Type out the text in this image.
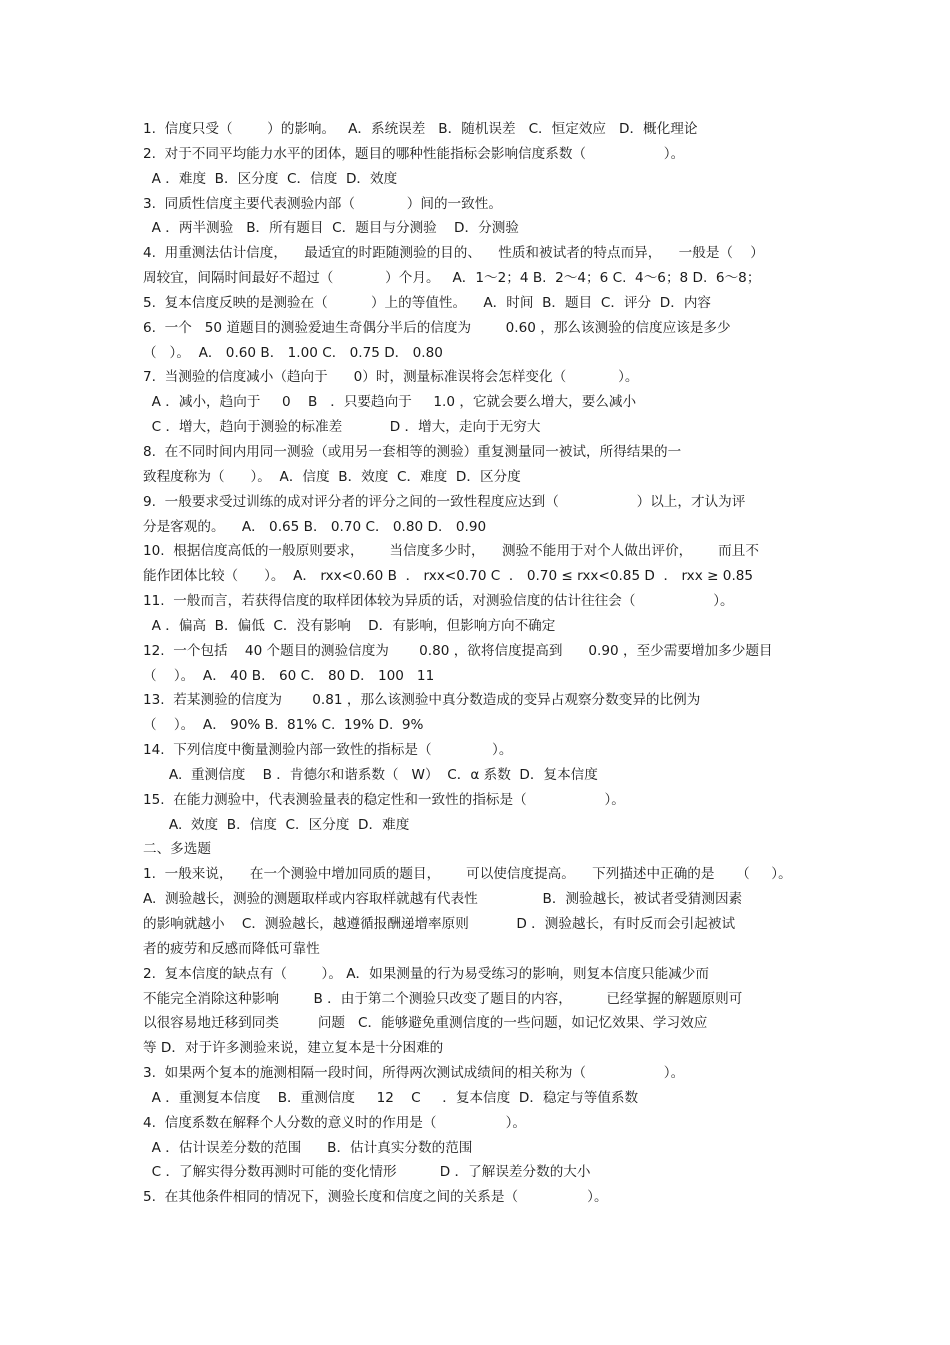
1.  信度只受（        ）的影响。   A．系统误差   B．随机误差   C．恒定效应   D．概化理论
2.  对于不同平均能力水平的团体，题目的哪种性能指标会影响信度系数（                  ）。
A ．难度  B．区分度  C．信度  D．效度
3.  同质性信度主要代表测验内部（            ）间的一致性。
A ．两半测验   B．所有题目  C．题目与分测验    D．分测验
4.  用重测法估计信度，    最适宜的时距随测验的目的、    性质和被试者的特点而异，    一般是（    ）
周较宜，间隔时间最好不超过（            ）个月。   A．1～2；4 B.  2～4；6 C.  4～6；8 D.  6～8；
5.  复本信度反映的是测验在（          ）上的等值性。    A．时间  B．题目  C．评分  D．内容
6.  一个   50 道题目的测验爱迪生奇偶分半后的信度为        0.60 ，那么该测验的信度应该是多少
（   ）。  A． 0.60 B． 1.00 C． 0.75 D． 0.80
7.  当测验的信度减小（趋向于      0）时，测量标准误将会怎样变化（            ）。
A ．减小，趋向于     0    B   ．只要趋向于     1.0 ，它就会要么增大，要么减小
C ．增大，趋向于测验的标准差           D ．增大，走向于无穷大
8.  在不同时间内用同一测验（或用另一套相等的测验）重复测量同一被试，所得结果的一
致程度称为（      ）。  A．信度  B．效度  C．难度  D．区分度
9.  一般要求受过训练的成对评分者的评分之间的一致性程度应达到（                  ）以上，才认为评
分是客观的。    A． 0.65 B． 0.70 C． 0.80 D． 0.90
10.  根据信度高低的一般原则要求，      当信度多少时，    测验不能用于对个人做出评价，      而且不
能作团体比较（      ）。  A． rxx<0.60 B  ． rxx<0.70 C  ． 0.70 ≤ rxx<0.85 D  ． rxx ≥ 0.85
11.  一般而言，若获得信度的取样团体较为异质的话，对测验信度的估计往往会（                  ）。
A ．偏高  B．偏低  C．没有影响    D．有影响，但影响方向不确定
12.  一个包括    40 个题目的测验信度为       0.80 ，欲将信度提高到      0.90 ，至少需要增加多少题目
（    ）。  A． 40 B． 60 C． 80 D． 100   11
13.  若某测验的信度为       0.81 ，那么该测验中真分数造成的变异占观察分数变异的比例为
（    ）。  A． 90% B.  81% C.  19% D.  9%
14.  下列信度中衡量测验内部一致性的指标是（              ）。
A.  重测信度    B ．肯德尔和谐系数（   W）  C．α 系数  D．复本信度
15.  在能力测验中，代表测验量表的稳定性和一致性的指标是（                  ）。
A.  效度  B．信度  C．区分度  D．难度
二、多选题
1.  一般来说，    在一个测验中增加同质的题目，      可以使信度提高。    下列描述中正确的是     （     ）。
A.  测验越长，测验的测题取样或内容取样就越有代表性               B．测验越长，被试者受猜测因素
的影响就越小    C．测验越长，越遵循报酬递增率原则           D ．测验越长，有时反而会引起被试
者的疲劳和反感而降低可靠性
2.  复本信度的缺点有（        ）。 A．如果测量的行为易受练习的影响，则复本信度只能减少而
不能完全消除这种影响        B ．由于第二个测验只改变了题目的内容，        已经掌握的解题原则可
以很容易地迁移到同类         问题   C．能够避免重测信度的一些问题，如记忆效果、学习效应
等 D．对于许多测验来说，建立复本是十分困难的
3.  如果两个复本的施测相隔一段时间，所得两次测试成绩间的相关称为（                  ）。
A ．重测复本信度    B．重测信度     12    C     ．复本信度  D．稳定与等值系数
4.  信度系数在解释个人分数的意义时的作用是（                ）。
A ．估计误差分数的范围      B．估计真实分数的范围
C ．了解实得分数再测时可能的变化情形          D ．了解误差分数的大小
5.  在其他条件相同的情况下，测验长度和信度之间的关系是（                ）。
